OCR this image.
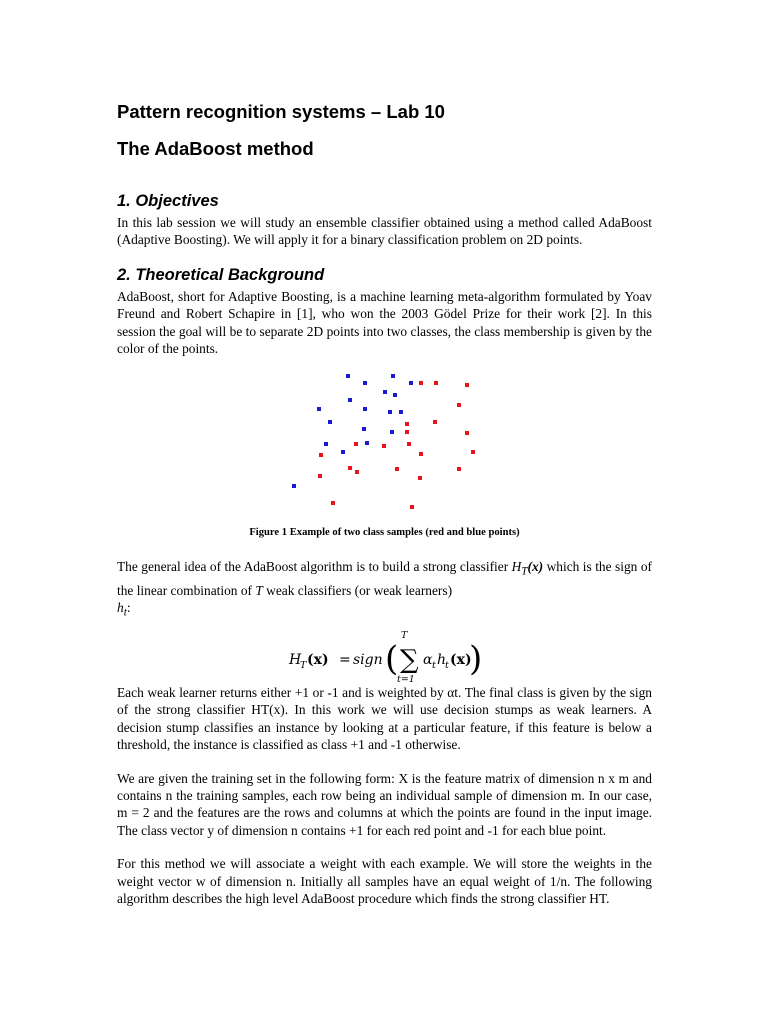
Pattern recognition systems – Lab 10
The AdaBoost method
1. Objectives

In this lab session we will study an ensemble classifier obtained using a method called AdaBoost (Adaptive Boosting). We will apply it for a binary classification problem on 2D points.

2. Theoretical Background

AdaBoost, short for Adaptive Boosting, is a machine learning meta-algorithm formulated by Yoav Freund and Robert Schapire in [1], who won the 2003 Gödel Prize for their work [2]. In this session the goal will be to separate 2D points into two classes, the class membership is given by the color of the points.

Figure 1 Example of two class samples (red and blue points)

The general idea of the AdaBoost algorithm is to build a strong classifier $H_T(x)$ which is the sign of the linear combination of T weak classifiers (or weak learners)
$h_t$:

H
T (x) = sign (
T
∑
t=1
α t h
t (x)
)

Each weak learner returns either +1 or -1 and is weighted by αt. The final class is given by the sign of the strong classifier HT(x). In this work we will use decision stumps as weak learners. A decision stump classifies an instance by looking at a particular feature, if this feature is below a threshold, the instance is classified as class +1 and -1 otherwise.

We are given the training set in the following form: X is the feature matrix of dimension n x m and contains n the training samples, each row being an individual sample of dimension m. In our case, m = 2 and the features are the rows and columns at which the points are found in the input image. The class vector y of dimension n contains +1 for each red point and -1 for each blue point.

For this method we will associate a weight with each example. We will store the weights in the weight vector w of dimension n. Initially all samples have an equal weight of 1/n. The following algorithm describes the high level AdaBoost procedure which finds the strong classifier HT.
